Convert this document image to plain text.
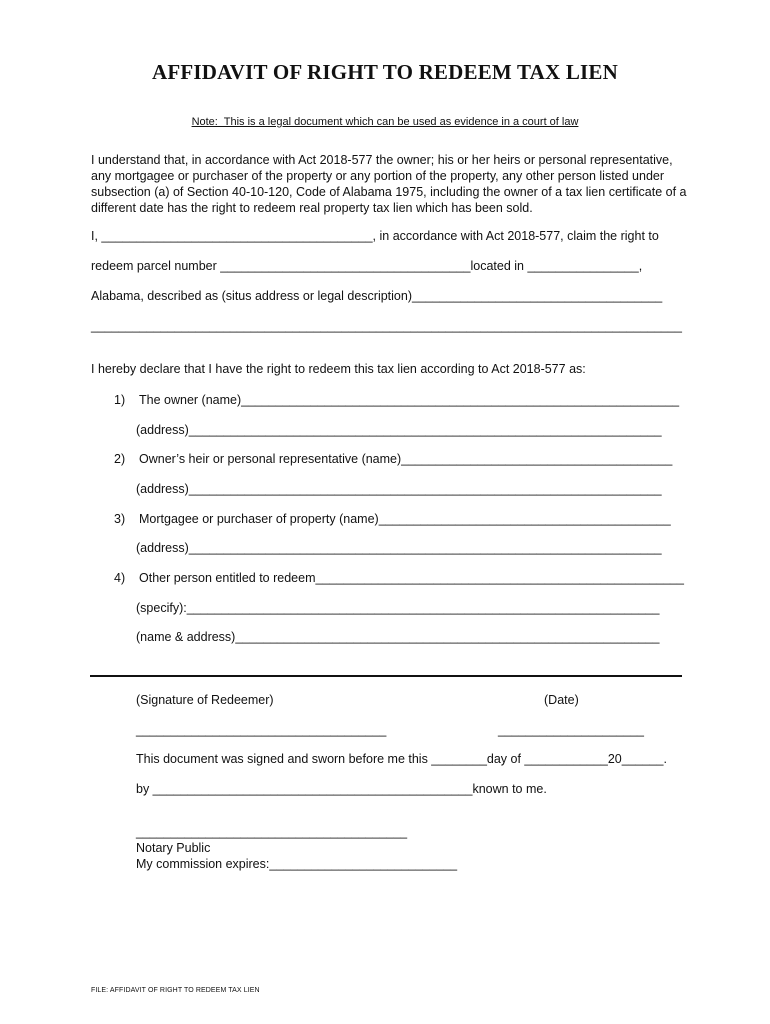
AFFIDAVIT OF RIGHT TO REDEEM TAX LIEN
Note:  This is a legal document which can be used as evidence in a court of law
I understand that, in accordance with Act 2018-577 the owner; his or her heirs or personal representative, any mortgagee or purchaser of the property or any portion of the property, any other person listed under subsection (a) of Section 40-10-120, Code of Alabama 1975, including the owner of a tax lien certificate of a different date has the right to redeem real property tax lien which has been sold.
I, _______________________________________, in accordance with Act 2018-577, claim the right to
redeem parcel number ____________________________________located in ________________,
Alabama, described as (situs address or legal description)____________________________________
_____________________________________________________________________________________
I hereby declare that I have the right to redeem this tax lien according to Act 2018-577 as:
1) The owner (name)_______________________________________________________________
(address)____________________________________________________________________
2) Owner’s heir or personal representative (name)_______________________________________
(address)____________________________________________________________________
3) Mortgagee or purchaser of property (name)__________________________________________
(address)____________________________________________________________________
4) Other person entitled to redeem_____________________________________________________
(specify):____________________________________________________________________
(name & address)_____________________________________________________________
(Signature of Redeemer)	(Date)
____________________________________	_____________________
This document was signed and sworn before me this ________day of ____________20______.
by ______________________________________________known to me.
_______________________________________
Notary Public
My commission expires:___________________________
FILE: AFFIDAVIT OF RIGHT TO REDEEM TAX LIEN
